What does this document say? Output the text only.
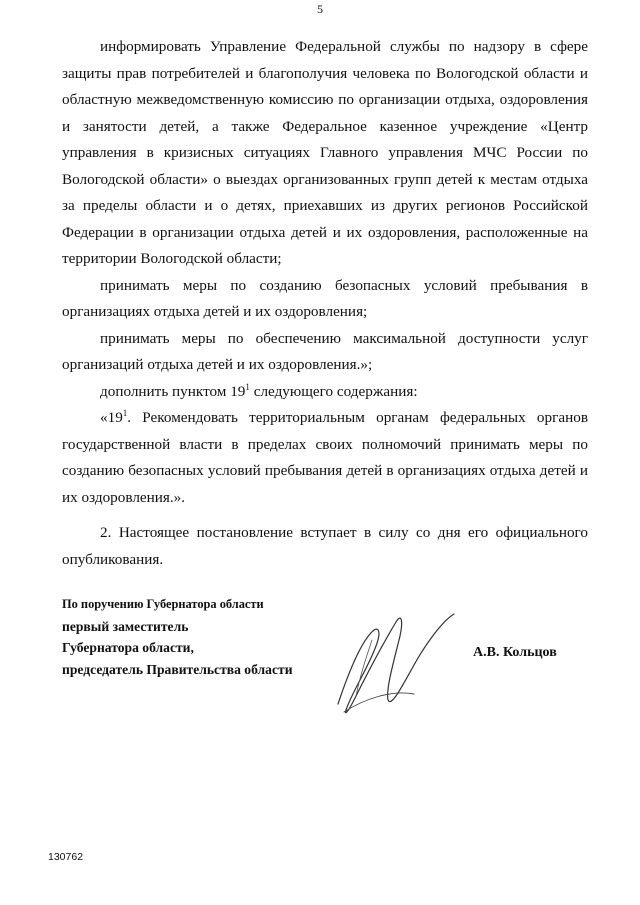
5

информировать Управление Федеральной службы по надзору в сфере защиты прав потребителей и благополучия человека по Вологодской области и областную межведомственную комиссию по организации отдыха, оздоровления и занятости детей, а также Федеральное казенное учреждение «Центр управления в кризисных ситуациях Главного управления МЧС России по Вологодской области» о выездах организованных групп детей к местам отдыха за пределы области и о детях, приехавших из других регионов Российской Федерации в организации отдыха детей и их оздоровления, расположенные на территории Вологодской области;

принимать меры по созданию безопасных условий пребывания в организациях отдыха детей и их оздоровления;

принимать меры по обеспечению максимальной доступности услуг организаций отдыха детей и их оздоровления.»;

дополнить пунктом $19^1$ следующего содержания:

«$19^1$. Рекомендовать территориальным органам федеральных органов государственной власти в пределах своих полномочий принимать меры по созданию безопасных условий пребывания детей в организациях отдыха детей и их оздоровления.».

2. Настоящее постановление вступает в силу со дня его официального опубликования.

По поручению Губернатора области
первый заместитель
Губернатора области,
председатель Правительства области
А.В. Кольцов
130762
